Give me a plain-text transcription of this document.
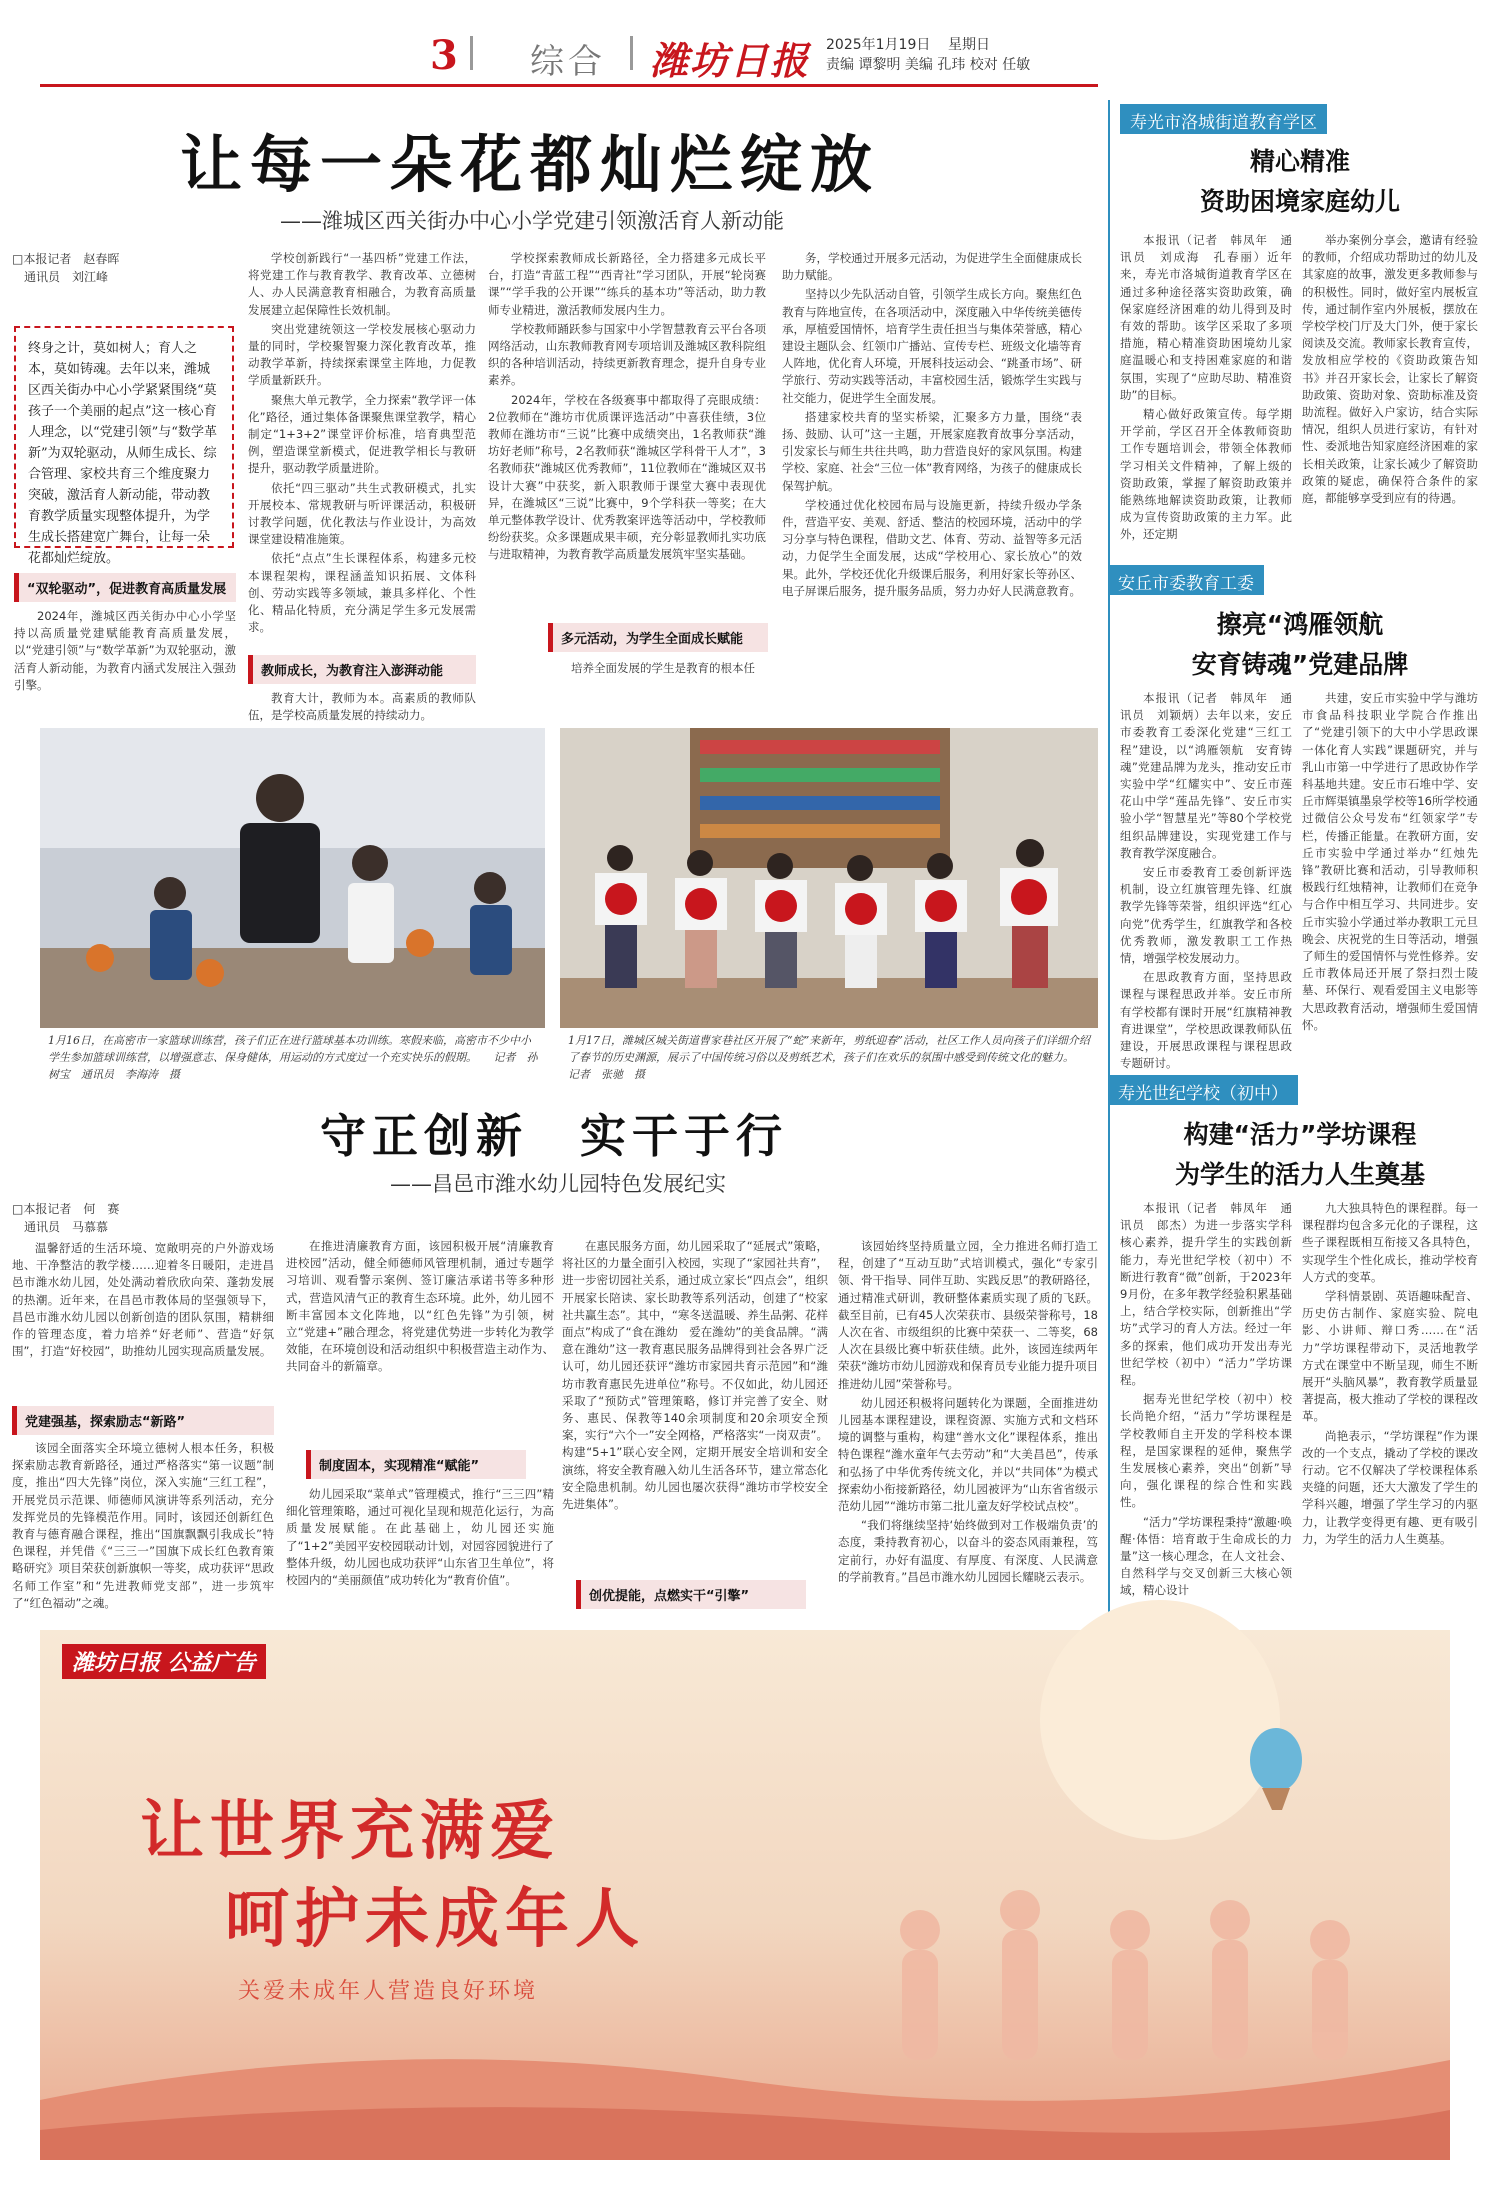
3 综合 潍坊日报 2025年1月19日 星期日
责编 谭黎明 美编 孔玮 校对 任敏
让每一朵花都灿烂绽放
——潍城区西关街办中心小学党建引领激活育人新动能
□本报记者　赵春晖
　通讯员　刘江峰
终身之计，莫如树人；育人之本，莫如铸魂。去年以来，潍城区西关街办中心小学紧紧围绕“莫孩子一个美丽的起点”这一核心育人理念，以“党建引领”与“数学革新”为双轮驱动，从师生成长、综合管理、家校共育三个维度聚力突破，激活育人新动能，带动教育教学质量实现整体提升，为学生成长搭建宽广舞台，让每一朵花都灿烂绽放。
“双轮驱动”，促进教育高质量发展

2024年，潍城区西关街办中心小学坚持以高质量党建赋能教育高质量发展，以“党建引领”与“数学革新”为双轮驱动，激活育人新动能，为教育内涵式发展注入强劲引擎。

学校创新践行“一基四桥”党建工作法，将党建工作与教育教学、教育改革、立德树人、办人民满意教育相融合，为教育高质量发展建立起保障性长效机制。

突出党建统领这一学校发展核心驱动力量的同时，学校聚智聚力深化教育改革，推动教学革新，持续探索课堂主阵地，力促教学质量新跃升。

聚焦大单元教学，全力探索“教学评一体化”路径，通过集体备课聚焦课堂教学，精心制定“1+3+2”课堂评价标准，培育典型范例，塑造课堂新模式，促进教学相长与教研提升，驱动教学质量进阶。

依托“四三驱动”共生式教研模式，扎实开展校本、常规教研与听评课活动，积极研讨教学问题，优化教法与作业设计，为高效课堂建设精准施策。

依托“点点”生长课程体系，构建多元校本课程架构，课程涵盖知识拓展、文体科创、劳动实践等多领域，兼具多样化、个性化、精品化特质，充分满足学生多元发展需求。

教师成长，为教育注入澎湃动能

教育大计，教师为本。高素质的教师队伍，是学校高质量发展的持续动力。

学校探索教师成长新路径，全力搭建多元成长平台，打造“青蓝工程”“西青社”学习团队，开展“轮岗赛课”“学手我的公开课”“练兵的基本功”等活动，助力教师专业精进，激活教师发展内生力。

学校教师踊跃参与国家中小学智慧教育云平台各项网络活动，山东教师教育网专项培训及潍城区教科院组织的各种培训活动，持续更新教育理念，提升自身专业素养。

2024年，学校在各级赛事中都取得了亮眼成绩：2位教师在“潍坊市优质课评选活动”中喜获佳绩，3位教师在潍坊市“三说”比赛中成绩突出，1名教师获“潍坊好老师”称号，2名教师获“潍城区学科骨干人才”，3名教师获“潍城区优秀教师”，11位教师在“潍城区双书设计大赛”中获奖，新入职教师于课堂大赛中表现优异，在潍城区“三说”比赛中，9个学科获一等奖；在大单元整体教学设计、优秀教案评选等活动中，学校教师纷纷获奖。众多课题成果丰硕，充分彰显教师扎实功底与进取精神，为教育教学高质量发展筑牢坚实基础。

多元活动，为学生全面成长赋能

培养全面发展的学生是教育的根本任

务，学校通过开展多元活动，为促进学生全面健康成长助力赋能。

坚持以少先队活动自管，引领学生成长方向。聚焦红色教育与阵地宣传，在各项活动中，深度融入中华传统美德传承，厚植爱国情怀，培育学生责任担当与集体荣誉感，精心建设主题队会、红领巾广播站、宣传专栏、班级文化墙等育人阵地，优化育人环境，开展科技运动会、“跳蚤市场”、研学旅行、劳动实践等活动，丰富校园生活，锻炼学生实践与社交能力，促进学生全面发展。

搭建家校共育的坚实桥梁，汇聚多方力量，围绕“表扬、鼓励、认可”这一主题，开展家庭教育故事分享活动，引发家长与师生共往共鸣，助力营造良好的家风氛围。构建学校、家庭、社会“三位一体”教育网络，为孩子的健康成长保驾护航。

学校通过优化校园布局与设施更新，持续升级办学条件，营造平安、美观、舒适、整洁的校园环境，活动中的学习分享与特色课程，借助文艺、体育、劳动、益智等多元活动，力促学生全面发展，达成“学校用心、家长放心”的效果。此外，学校还优化升级课后服务，利用好家长等孙区、电子屏课后服务，提升服务品质，努力办好人民满意教育。

1月16日，在高密市一家篮球训练营，孩子们正在进行篮球基本功训练。寒假来临，高密市不少中小学生参加篮球训练营，以增强意志、保身健体，用运动的方式度过一个充实快乐的假期。　　记者　孙树宝　通讯员　李海涛　摄
1月17日，潍城区城关街道曹家巷社区开展了“蛇”来新年，剪纸迎春”活动，社区工作人员向孩子们详细介绍了春节的历史渊源，展示了中国传统习俗以及剪纸艺术，孩子们在欢乐的氛围中感受到传统文化的魅力。　　记者　张驰　摄
守正创新　实干于行
——昌邑市潍水幼儿园特色发展纪实
□本报记者　何　赛
　通讯员　马慕慕

温馨舒适的生活环境、宽敞明亮的户外游戏场地、干净整洁的教学楼……迎着冬日暖阳，走进昌邑市潍水幼儿园，处处满动着欣欣向荣、蓬勃发展的热潮。近年来，在昌邑市教体局的坚强领导下，昌邑市潍水幼儿园以创新创造的团队氛围，精耕细作的管理态度，着力培养“好老师”、营造“好氛围”，打造“好校园”，助推幼儿园实现高质量发展。

党建强基，探索励志“新路”

该园全面落实全环境立德树人根本任务，积极探索励志教育新路径，通过严格落实“第一议题”制度，推出“四大先锋”岗位，深入实施“三红工程”，开展党员示范课、师德师风演讲等系列活动，充分发挥党员的先锋模范作用。同时，该园还创新红色教育与德育融合课程，推出“国旗飘飘引我成长”特色课程，并凭借《“三三一”国旗下成长红色教育策略研究》项目荣获创新旗帜一等奖，成功获评“思政名师工作室”和“先进教师党支部”，进一步筑牢了“红色福动”之魂。

在推进清廉教育方面，该园积极开展“清廉教育进校园”活动，健全师德师风管理机制，通过专题学习培训、观看警示案例、签订廉洁承诺书等多种形式，营造风清气正的教育生态环境。此外，幼儿园不断丰富园本文化阵地，以“红色先锋”为引领，树立“党建+”融合理念，将党建优势进一步转化为教学效能，在环境创设和活动组织中积极营造主动作为、共同奋斗的新篇章。

制度固本，实现精准“赋能”

幼儿园采取“菜单式”管理模式，推行“三三四”精细化管理策略，通过可视化呈现和规范化运行，为高质量发展赋能。在此基础上，幼儿园还实施了“1+2”美园平安校园联动计划，对园容园貌进行了整体升级，幼儿园也成功获评“山东省卫生单位”，将校园内的“美丽颜值”成功转化为“教育价值”。

在惠民服务方面，幼儿园采取了“延展式”策略，将社区的力量全面引入校园，实现了“家园社共育”，进一步密切园社关系，通过成立家长“四点会”，组织开展家长陪读、家长助教等系列活动，创建了“校家社共赢生态”。其中，“寒冬送温暖、养生品粥、花样面点”构成了“食在潍幼　爱在潍幼”的美食品牌。“满意在潍幼”这一教育惠民服务品牌得到社会各界广泛认可，幼儿园还获评“潍坊市家园共育示范园”和“潍坊市教育惠民先进单位”称号。不仅如此，幼儿园还采取了“预防式”管理策略，修订并完善了安全、财务、惠民、保教等140余项制度和20余项安全预案，实行“六个一”安全网格，严格落实“一岗双责”。构建“5+1”联心安全网，定期开展安全培训和安全演练，将安全教育融入幼儿生活各环节，建立常态化安全隐患机制。幼儿园也屡次获得“潍坊市学校安全先进集体”。

创优提能，点燃实干“引擎”

该园始终坚持质量立园，全力推进名师打造工程，创建了“互动互助”式培训模式，强化“专家引领、骨干指导、同伴互助、实践反思”的教研路径，通过精准式研训，教研整体素质实现了质的飞跃。截至目前，已有45人次荣获市、县级荣誉称号，18人次在省、市级组织的比赛中荣获一、二等奖，68人次在县级比赛中斩获佳绩。此外，该园连续两年荣获“潍坊市幼儿园游戏和保育员专业能力提升项目推进幼儿园”荣誉称号。

幼儿园还积极将问题转化为课题，全面推进幼儿园基本课程建设，课程资源、实施方式和文档环境的调整与重构，构建“善水文化”课程体系，推出特色课程“潍水童年气去劳动”和“大美昌邑”，传承和弘扬了中华优秀传统文化，并以“共同体”为模式探索幼小衔接新路径，幼儿园被评为“山东省省级示范幼儿园”“潍坊市第二批儿童友好学校试点校”。

“我们将继续坚持‘始终做到对工作极端负责’的态度，秉持教育初心，以奋斗的姿态风雨兼程，笃定前行，办好有温度、有厚度、有深度、人民满意的学前教育。”昌邑市潍水幼儿园园长耀晓云表示。

寿光市洛城街道教育学区
精心精准
资助困境家庭幼儿

本报讯（记者　韩凤年　通讯员　刘成海　孔春丽）近年来，寿光市洛城街道教育学区在通过多种途径落实资助政策，确保家庭经济困难的幼儿得到及时有效的帮助。该学区采取了多项措施，精心精准资助困境幼儿家庭温暖心和支持困难家庭的和谐氛围，实现了“应助尽助、精准资助”的目标。

精心做好政策宣传。每学期开学前，学区召开全体教师资助工作专题培训会，带领全体教师学习相关文件精神，了解上级的资助政策，掌握了解资助政策并能熟练地解读资助政策，让教师成为宣传资助政策的主力军。此外，还定期

举办案例分享会，邀请有经验的教师，介绍成功帮助过的幼儿及其家庭的故事，激发更多教师参与的积极性。同时，做好室内展板宣传，通过制作室内外展板，摆放在学校学校门厅及大门外，便于家长阅读及交流。教师家长教育宣传，发放相应学校的《资助政策告知书》并召开家长会，让家长了解资助政策、资助对象、资助标准及资助流程。做好入户家访，结合实际情况，组织人员进行家访，有针对性、委派地告知家庭经济困难的家长相关政策，让家长减少了解资助政策的疑虑，确保符合条件的家庭，都能够享受到应有的待遇。

安丘市委教育工委
擦亮“鸿雁领航
安育铸魂”党建品牌

本报讯（记者　韩凤年　通讯员　刘颖炳）去年以来，安丘市委教育工委深化党建“三红工程”建设，以“鸿雁领航　安育铸魂”党建品牌为龙头，推动安丘市实验中学“红耀实中”、安丘市莲花山中学“莲品先锋”、安丘市实验小学“智慧星光”等80个学校党组织品牌建设，实现党建工作与教育教学深度融合。

安丘市委教育工委创新评选机制，设立红旗管理先锋、红旗教学先锋等荣誉，组织评选“红心向党”优秀学生，红旗教学和各校优秀教师，激发教职工工作热情，增强学校发展动力。

在思政教育方面，坚持思政课程与课程思政并举。安丘市所有学校都有课时开展“红旗精神教育进课堂”，学校思政课教师队伍建设，开展思政课程与课程思政专题研讨。

共建，安丘市实验中学与潍坊市食品科技职业学院合作推出了“党建引领下的大中小学思政课一体化育人实践”课题研究，并与乳山市第一中学进行了思政协作学科基地共建。安丘市石堆中学、安丘市辉渠镇墨泉学校等16所学校通过微信公众号发布“红领家学”专栏，传播正能量。在教研方面，安丘市实验中学通过举办“红烛先锋”教研比赛和活动，引导教师积极践行红烛精神，让教师们在竞争与合作中相互学习、共同进步。安丘市实验小学通过举办教职工元旦晚会、庆祝党的生日等活动，增强了师生的爱国情怀与党性修养。安丘市教体局还开展了祭扫烈士陵墓、环保行、观看爱国主义电影等大思政教育活动，增强师生爱国情怀。

寿光世纪学校（初中）
构建“活力”学坊课程
为学生的活力人生奠基

本报讯（记者　韩凤年　通讯员　郎杰）为进一步落实学科核心素养，提升学生的实践创新能力，寿光世纪学校（初中）不断进行教育“微”创新，于2023年9月份，在多年教学经验积累基础上，结合学校实际，创新推出“学坊”式学习的育人方法。经过一年多的探索，他们成功开发出寿光世纪学校（初中）“活力”学坊课程。

据寿光世纪学校（初中）校长尚艳介绍，“活力”学坊课程是学校教师自主开发的学科校本课程，是国家课程的延伸，聚焦学生发展核心素养，突出“创新”导向，强化课程的综合性和实践性。

“活力”学坊课程秉持“激趣·唤醒·体悟：培育敢于生命成长的力量”这一核心理念，在人文社会、自然科学与交叉创新三大核心领域，精心设计

九大独具特色的课程群。每一课程群均包含多元化的子课程，这些子课程既相互衔接又各具特色，实现学生个性化成长，推动学校育人方式的变革。

学科情景剧、英语趣味配音、历史仿古制作、家庭实验、院电影、小讲师、辩口秀……在“活力”学坊课程带动下，灵活地教学方式在课堂中不断呈现，师生不断展开“头脑风暴”，教育教学质量显著提高，极大推动了学校的课程改革。

尚艳表示，“学坊课程”作为课改的一个支点，撬动了学校的课改行动。它不仅解决了学校课程体系夹缝的问题，还大大激发了学生的学科兴趣，增强了学生学习的内驱力，让教学变得更有趣、更有吸引力，为学生的活力人生奠基。

潍坊日报 公益广告
让世界充满爱
呵护未成年人
关爱未成年人营造良好环境
